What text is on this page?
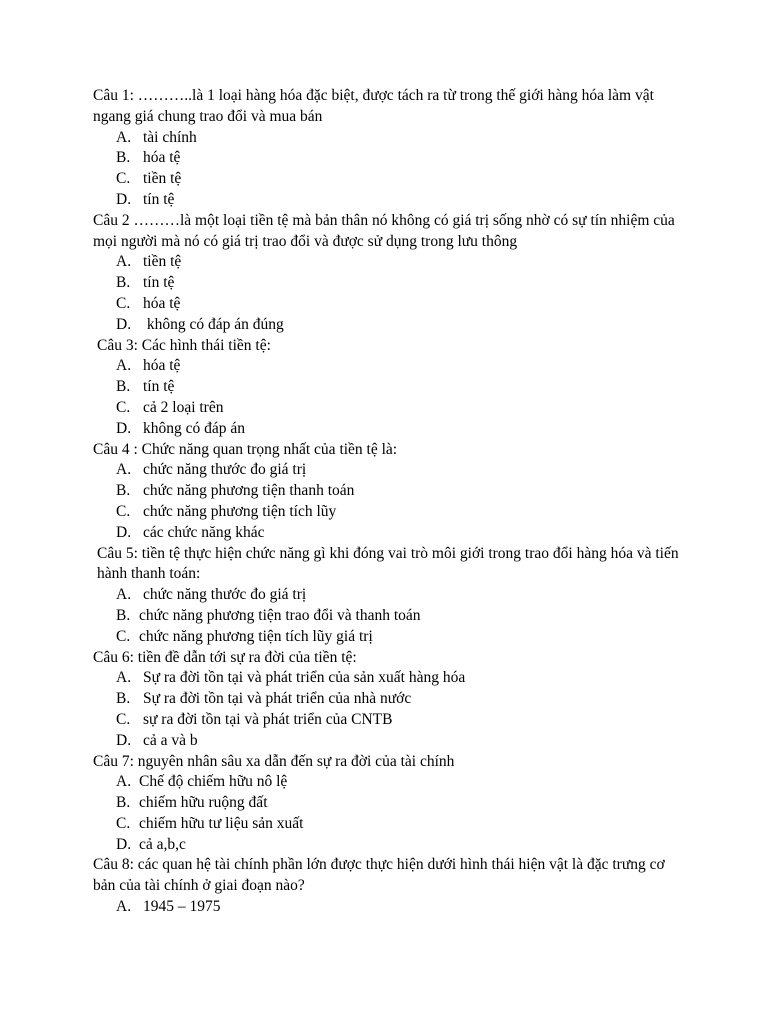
Câu 1: ………..là 1 loại hàng hóa đặc biệt, được tách ra từ trong thế giới hàng hóa làm vật ngang giá chung trao đổi và mua bán

A. tài chính
B. hóa tệ
C. tiền tệ
D. tín tệ

Câu 2 ………là một loại tiền tệ mà bản thân nó không có giá trị sống nhờ có sự tín nhiệm của mọi người mà nó có giá trị trao đổi và được sử dụng trong lưu thông

A. tiền tệ
B. tín tệ
C. hóa tệ
D. không có đáp án đúng

Câu 3: Các hình thái tiền tệ:

A. hóa tệ
B. tín tệ
C. cả 2 loại trên
D. không có đáp án

Câu 4 : Chức năng quan trọng nhất của tiền tệ là:

A. chức năng thước đo giá trị
B. chức năng phương tiện thanh toán
C. chức năng phương tiện tích lũy
D. các chức năng khác

Câu 5: tiền tệ thực hiện chức năng gì khi đóng vai trò môi giới trong trao đổi hàng hóa và tiến hành thanh toán:

A. chức năng thước đo giá trị
B. chức năng phương tiện trao đổi và thanh toán
C. chức năng phương tiện tích lũy giá trị

Câu 6: tiền đề dẫn tới sự ra đời của tiền tệ:

A. Sự ra đời tồn tại và phát triển của sản xuất hàng hóa
B. Sự ra đời tồn tại và phát triển của nhà nước
C. sự ra đời tồn tại và phát triển của CNTB
D. cả a và b

Câu 7: nguyên nhân sâu xa dẫn đến sự ra đời của tài chính

A. Chế độ chiếm hữu nô lệ
B. chiếm hữu ruộng đất
C. chiếm hữu tư liệu sản xuất
D. cả a,b,c

Câu 8: các quan hệ tài chính phần lớn được thực hiện dưới hình thái hiện vật là đặc trưng cơ bản của tài chính ở giai đoạn nào?

A. 1945 – 1975
